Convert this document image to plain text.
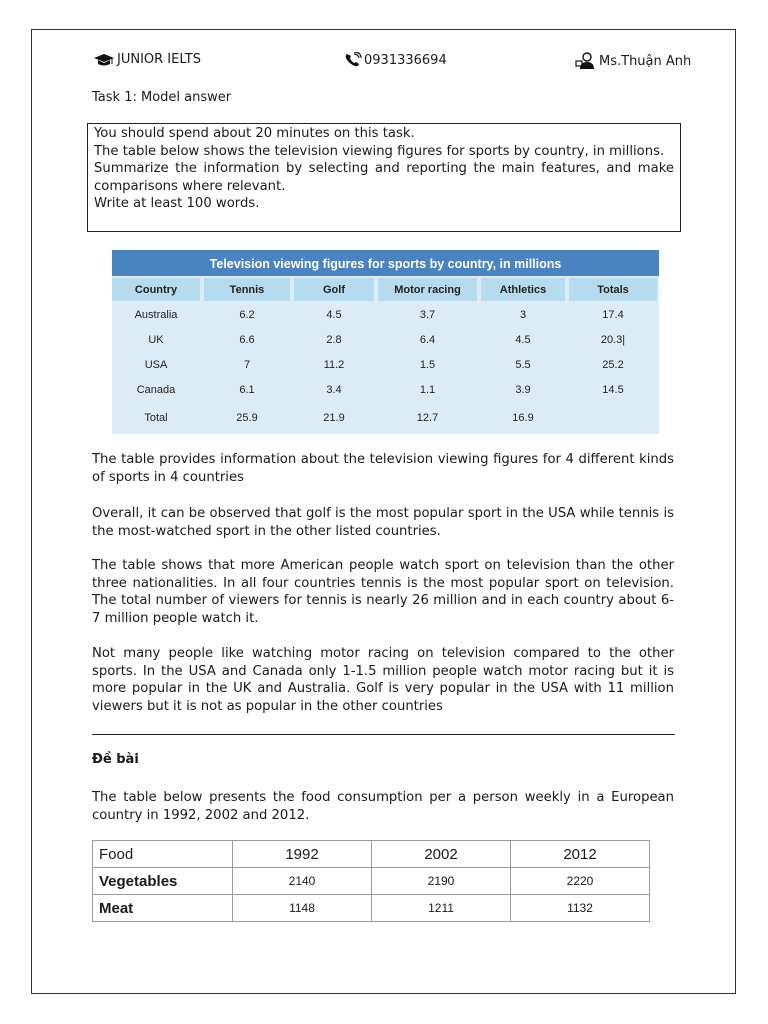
JUNIOR IELTS	0931336694	Ms.Thuận Anh
Task 1: Model answer

You should spend about 20 minutes on this task.

The table below shows the television viewing figures for sports by country, in millions.

Summarize the information by selecting and reporting the main features, and make comparisons where relevant.

Write at least 100 words.

Television viewing figures for sports by country, in millions
Country	Tennis	Golf	Motor racing	Athletics	Totals
Australia	6.2	4.5	3.7	3	17.4
UK	6.6	2.8	6.4	4.5	20.3|
USA	7	11.2	1.5	5.5	25.2
Canada	6.1	3.4	1.1	3.9	14.5
Total	25.9	21.9	12.7	16.9

The table provides information about the television viewing figures for 4 different kinds of sports in 4 countries

Overall, it can be observed that golf is the most popular sport in the USA while tennis is the most-watched sport in the other listed countries.

The table shows that more American people watch sport on television than the other three nationalities. In all four countries tennis is the most popular sport on television. The total number of viewers for tennis is nearly 26 million and in each country about 6-7 million people watch it.

Not many people like watching motor racing on television compared to the other sports. In the USA and Canada only 1-1.5 million people watch motor racing but it is more popular in the UK and Australia. Golf is very popular in the USA with 11 million viewers but it is not as popular in the other countries

Đề bài

The table below presents the food consumption per a person weekly in a European country in 1992, 2002 and 2012.

Food	1992	2002	2012
Vegetables	2140	2190	2220
Meat	1148	1211	1132
